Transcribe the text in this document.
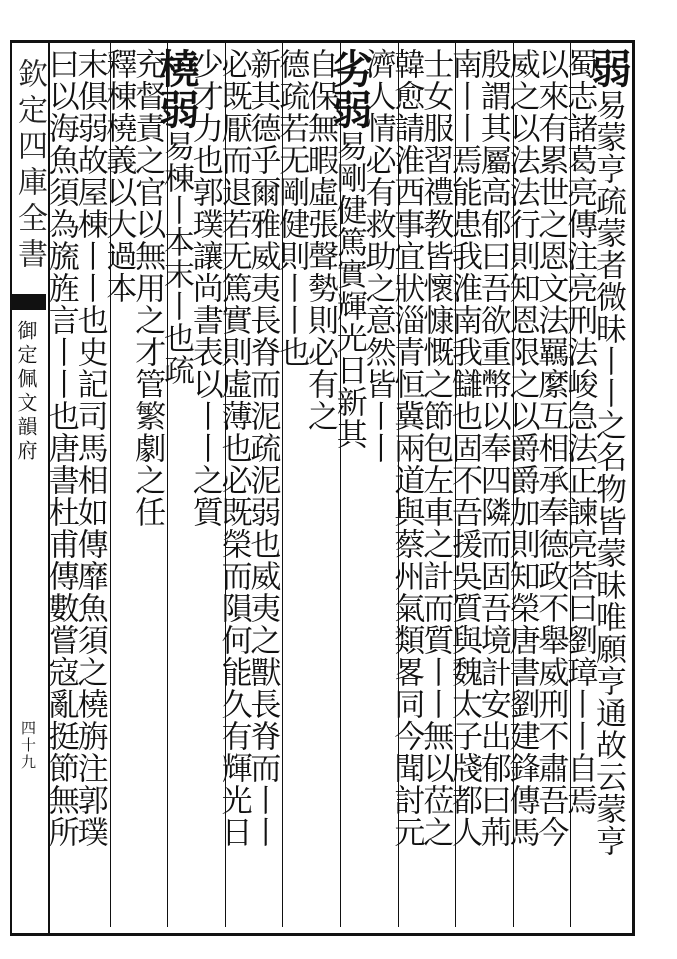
欽定四庫全書
御定佩文韻府
四十九
弱易蒙亨疏蒙者微昧丨丨之名物皆蒙昧唯願亨通故云蒙亨
蜀志諸葛亮傳注亮刑法峻急法正諫亮荅曰劉璋丨丨自焉
以來有累世之恩文法羈縻互相承奉德政不舉威刑不肅吾今
威之以法法行則知恩限之以爵爵加則知榮唐書劉建鋒傳馬
殷謂其屬高郁曰吾欲重幣以奉四隣而固吾境計安出郁曰荊
南丨丨焉能患我淮南我讎也固不吾援吳質與魏太子牋都人
士女服習禮教皆懷慷慨之節包左車之計而質丨丨無以莅之
韓愈請淮西事宜狀淄青恒冀兩道與蔡州氣類畧同今聞討元
濟人情必有救助之意然皆丨丨
劣弱易剛健篤實輝光日新其
自保無暇虛張聲勢則必有之
德疏若无剛健則丨丨也
新其德乎爾雅威夷長脊而泥疏泥弱也威夷之獸長脊而丨丨
必既厭而退若无篤實則虛薄也必既榮而隕何能久有輝光日
少才力也郭璞讓尚書表以丨丨之質
橈弱易棟丨本末丨也疏
充督責之官以無用之才管繁劇之任
釋棟橈義以大過本
末俱弱故屋棟丨丨也史記司馬相如傳靡魚須之橈旃注郭璞
曰以海魚須為旒旌言丨丨也唐書杜甫傳數嘗寇亂挺節無所
